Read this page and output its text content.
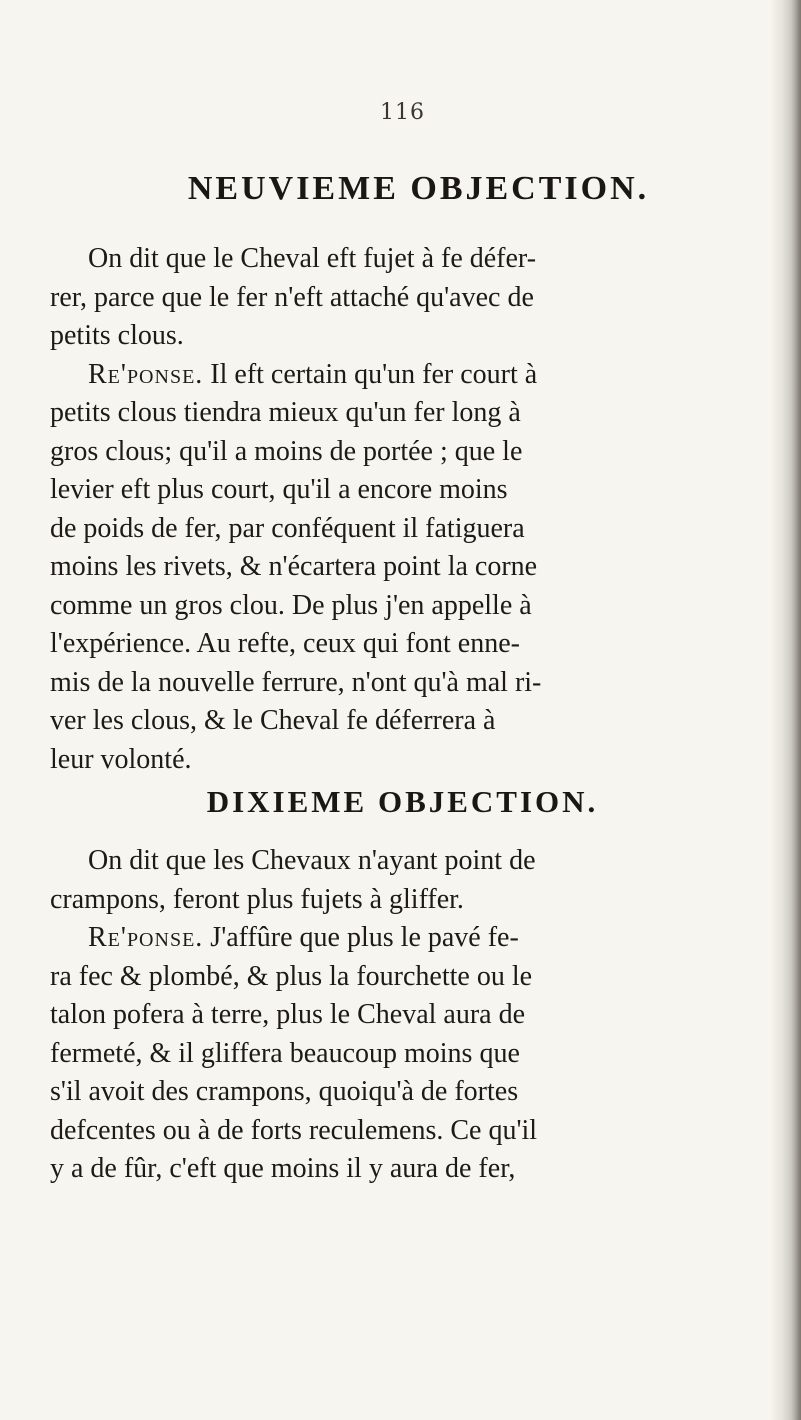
116
NEUVIEME OBJECTION.
On dit que le Cheval eft fujet à fe défer-
rer, parce que le fer n'eft attaché qu'avec de
petits clous.
Re'ponse. Il eft certain qu'un fer court à
petits clous tiendra mieux qu'un fer long à
gros clous; qu'il a moins de portée ; que le
levier eft plus court, qu'il a encore moins
de poids de fer, par conféquent il fatiguera
moins les rivets, & n'écartera point la corne
comme un gros clou. De plus j'en appelle à
l'expérience. Au refte, ceux qui font enne-
mis de la nouvelle ferrure, n'ont qu'à mal ri-
ver les clous, & le Cheval fe déferrera à
leur volonté.
DIXIEME OBJECTION.
On dit que les Chevaux n'ayant point de
crampons, feront plus fujets à gliffer.
Re'ponse. J'affûre que plus le pavé fe-
ra fec & plombé, & plus la fourchette ou le
talon pofera à terre, plus le Cheval aura de
fermeté, & il gliffera beaucoup moins que
s'il avoit des crampons, quoiqu'à de fortes
defcentes ou à de forts reculemens. Ce qu'il
y a de fûr, c'eft que moins il y aura de fer,
